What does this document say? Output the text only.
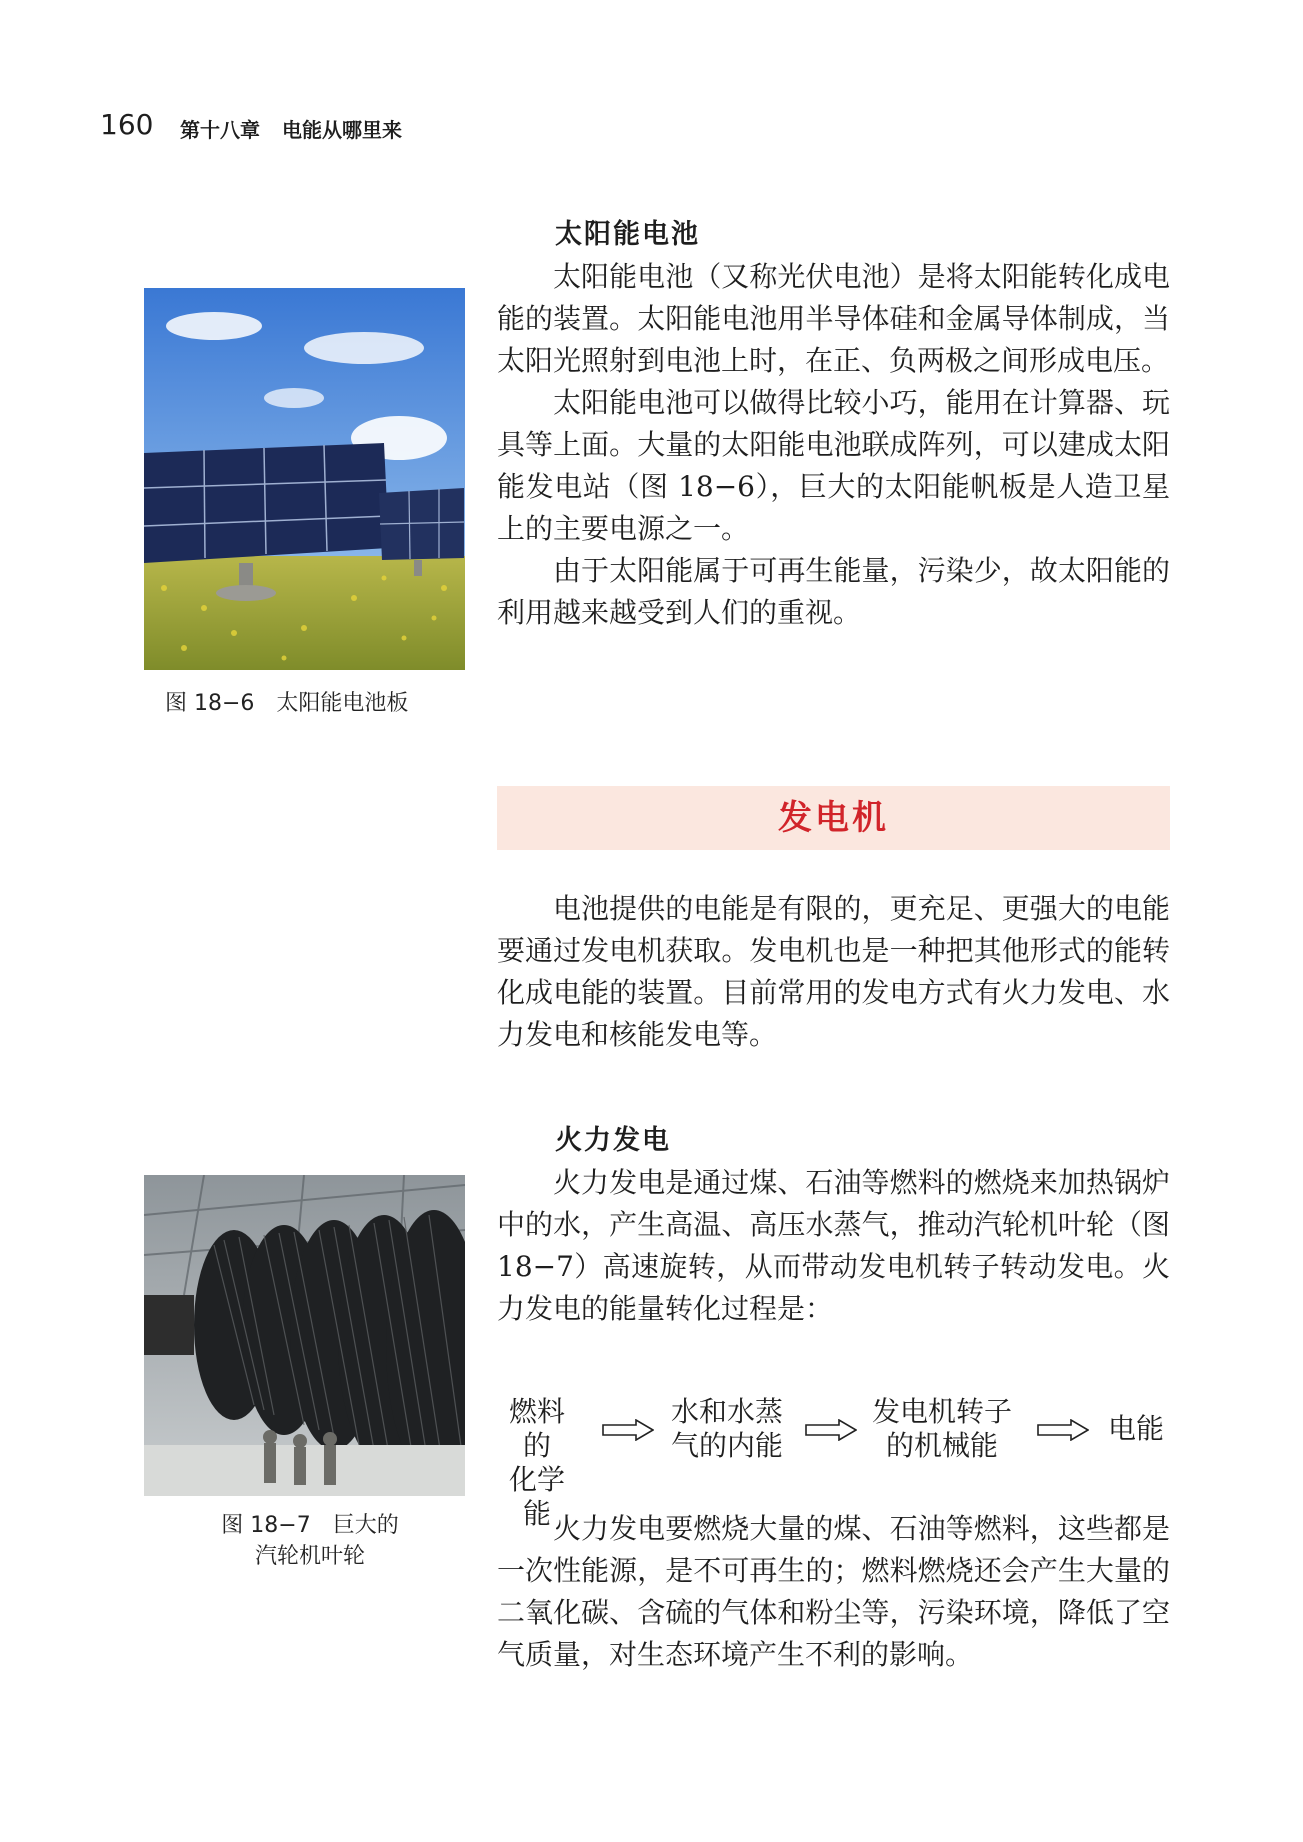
160 第十八章 电能从哪里来
太阳能电池

太阳能电池（又称光伏电池）是将太阳能转化成电能的装置。太阳能电池用半导体硅和金属导体制成，当太阳光照射到电池上时，在正、负两极之间形成电压。

太阳能电池可以做得比较小巧，能用在计算器、玩具等上面。大量的太阳能电池联成阵列，可以建成太阳能发电站（图 18−6），巨大的太阳能帆板是人造卫星上的主要电源之一。

由于太阳能属于可再生能量，污染少，故太阳能的利用越来越受到人们的重视。

图 18−6　太阳能电池板
发电机

电池提供的电能是有限的，更充足、更强大的电能要通过发电机获取。发电机也是一种把其他形式的能转化成电能的装置。目前常用的发电方式有火力发电、水力发电和核能发电等。

火力发电

火力发电是通过煤、石油等燃料的燃烧来加热锅炉中的水，产生高温、高压水蒸气，推动汽轮机叶轮（图 18−7）高速旋转，从而带动发电机转子转动发电。火力发电的能量转化过程是：

图 18−7　巨大的
汽轮机叶轮
燃料的
化学能
水和水蒸
气的内能
发电机转子
的机械能
电能

火力发电要燃烧大量的煤、石油等燃料，这些都是一次性能源，是不可再生的；燃料燃烧还会产生大量的二氧化碳、含硫的气体和粉尘等，污染环境，降低了空气质量，对生态环境产生不利的影响。
